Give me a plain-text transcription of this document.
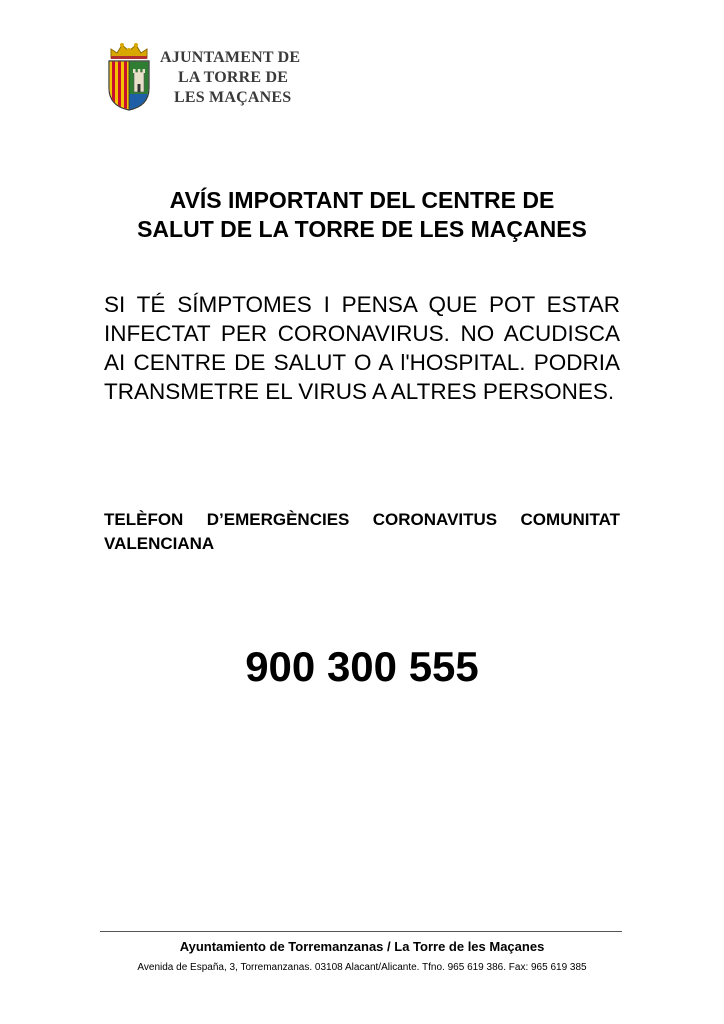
AJUNTAMENT DE
LA TORRE DE
LES MAÇANES
AVÍS IMPORTANT DEL CENTRE DE
SALUT DE LA TORRE DE LES MAÇANES

SI TÉ SÍMPTOMES I PENSA QUE POT ESTAR INFECTAT PER CORONAVIRUS. NO ACUDISCA AI CENTRE DE SALUT O A l'HOSPITAL. PODRIA TRANSMETRE EL VIRUS A ALTRES PERSONES.

TELÈFON D’EMERGÈNCIES CORONAVITUS COMUNITAT VALENCIANA

900 300 555

Ayuntamiento de Torremanzanas / La Torre de les Maçanes
Avenida de España, 3, Torremanzanas. 03108 Alacant/Alicante. Tfno. 965 619 386. Fax: 965 619 385
